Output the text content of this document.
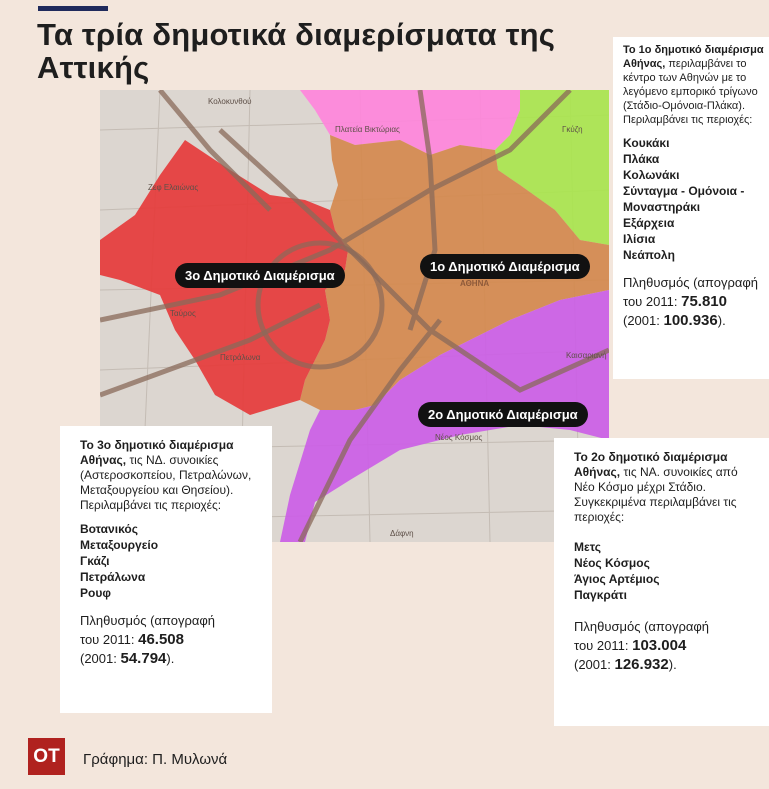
Τα τρία δημοτικά διαμερίσματα της Αττικής
Κολοκυνθού
Πλατεία Βικτώριας	Γκύζη
Ζεφ Ελαιώνας
ΑΘΗΝΑ
Ταύρος
Πετράλωνα	Καισαριανή
Νέος Κόσμος
Δάφνη
3ο Δημοτικό Διαμέρισμα
1ο Δημοτικό Διαμέρισμα
2ο Δημοτικό Διαμέρισμα
Το 1ο δημοτικό διαμέρισμα Αθήνας, περιλαμβάνει το κέντρο των Αθηνών με το λεγόμενο εμπορικό τρίγωνο (Στάδιο-Ομόνοια-Πλάκα). Περιλαμβάνει τις περιοχές:
Κουκάκι
Πλάκα
Κολωνάκι
Σύνταγμα - Ομόνοια -
Μοναστηράκι
Εξάρχεια
Ιλίσια
Νεάπολη
Πληθυσμός (απογραφή
του 2011: 75.810
(2001: 100.936).
Το 3ο δημοτικό διαμέρισμα Αθήνας, τις ΝΔ. συνοικίες (Αστεροσκοπείου, Πετραλώνων, Μεταξουργείου και Θησείου). Περιλαμβάνει τις περιοχές:
Βοτανικός
Μεταξουργείο
Γκάζι
Πετράλωνα
Ρουφ
Πληθυσμός (απογραφή
του 2011: 46.508
(2001: 54.794).
Το 2ο δημοτικό διαμέρισμα Αθήνας, τις ΝΑ. συνοικίες από Νέο Κόσμο μέχρι Στάδιο. Συγκεκριμένα περιλαμβάνει τις περιοχές:
Μετς
Νέος Κόσμος
Άγιος Αρτέμιος
Παγκράτι
Πληθυσμός (απογραφή
του 2011: 103.004
(2001: 126.932).
ΟΤ	Γράφημα: Π. Μυλωνά
